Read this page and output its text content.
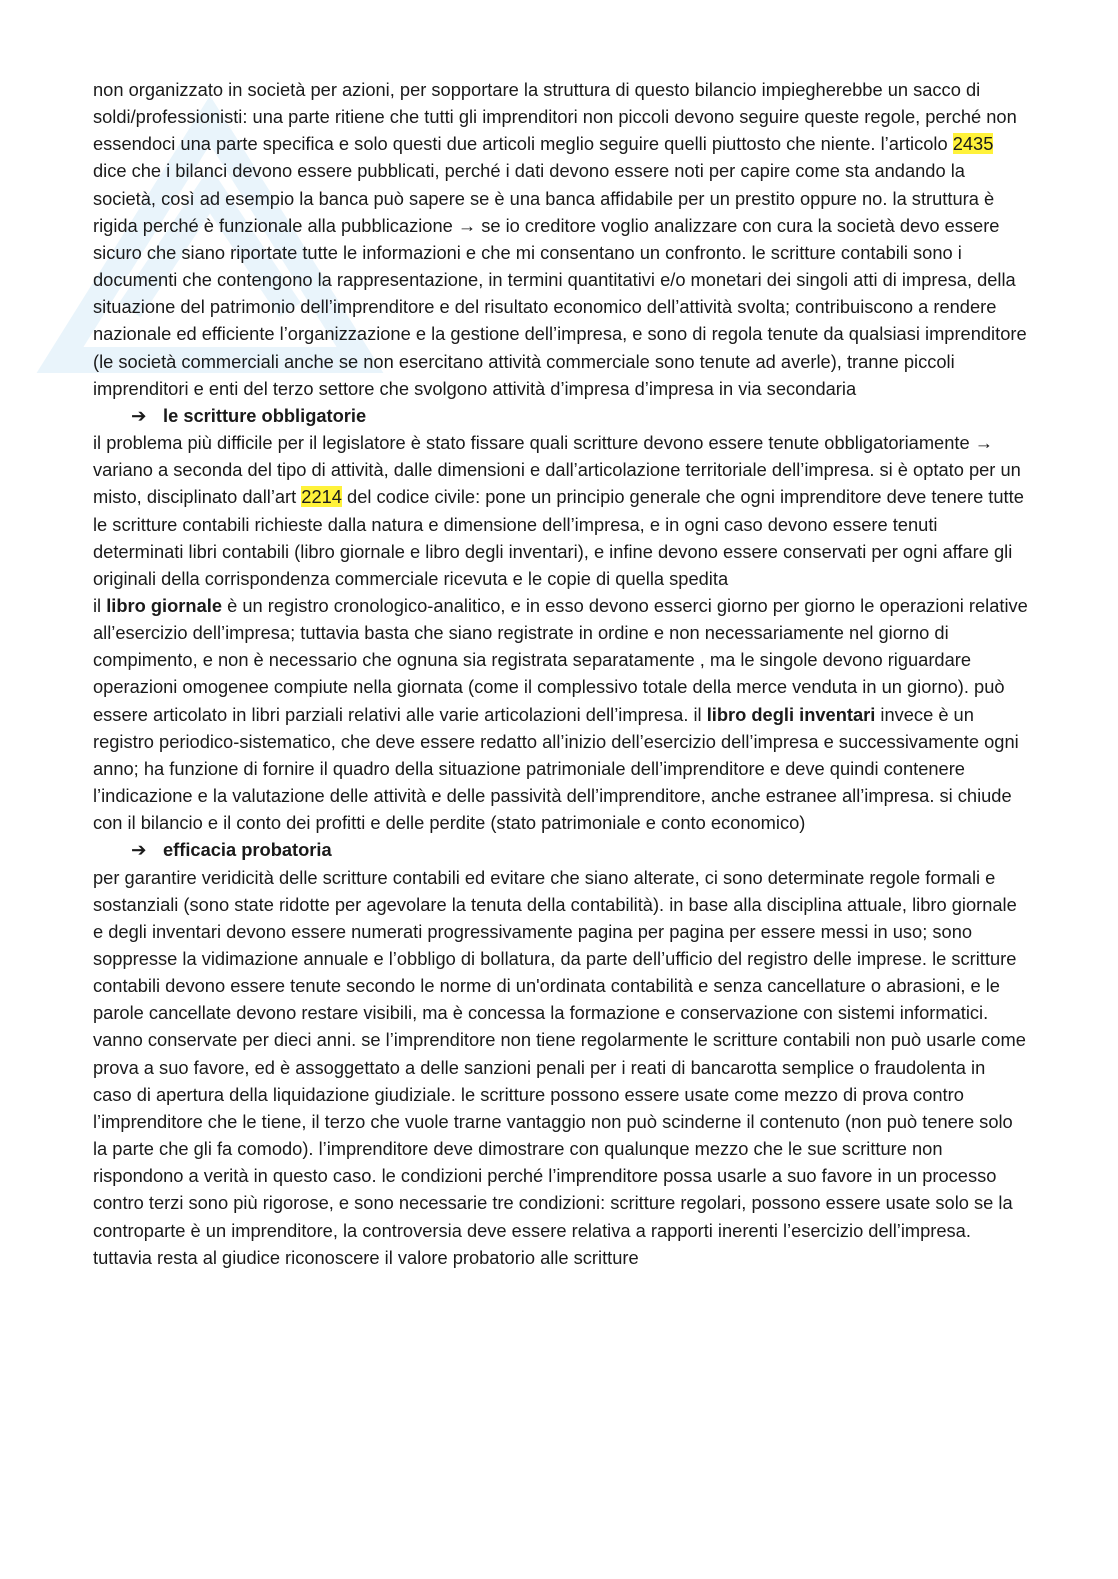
non organizzato in società per azioni, per sopportare la struttura di questo bilancio impiegherebbe un sacco di soldi/professionisti: una parte ritiene che tutti gli imprenditori non piccoli devono seguire queste regole, perché non essendoci una parte specifica e solo questi due articoli meglio seguire quelli piuttosto che niente. l’articolo 2435 dice che i bilanci devono essere pubblicati, perché i dati devono essere noti per capire come sta andando la società, così ad esempio la banca può sapere se è una banca affidabile per un prestito oppure no. la struttura è rigida perché è funzionale alla pubblicazione → se io creditore voglio analizzare con cura la società devo essere sicuro che siano riportate tutte le informazioni e che mi consentano un confronto. le scritture contabili sono i documenti che contengono la rappresentazione, in termini quantitativi e/o monetari dei singoli atti di impresa, della situazione del patrimonio dell’imprenditore e del risultato economico dell’attività svolta; contribuiscono a rendere nazionale ed efficiente l’organizzazione e la gestione dell’impresa, e sono di regola tenute da qualsiasi imprenditore (le società commerciali anche se non esercitano attività commerciale sono tenute ad averle), tranne piccoli imprenditori e enti del terzo settore che svolgono attività d’impresa d’impresa in via secondaria

➔ le scritture obbligatorie

il problema più difficile per il legislatore è stato fissare quali scritture devono essere tenute obbligatoriamente → variano a seconda del tipo di attività, dalle dimensioni e dall’articolazione territoriale dell’impresa. si è optato per un misto, disciplinato dall’art 2214 del codice civile: pone un principio generale che ogni imprenditore deve tenere tutte le scritture contabili richieste dalla natura e dimensione dell’impresa, e in ogni caso devono essere tenuti determinati libri contabili (libro giornale e libro degli inventari), e infine devono essere conservati per ogni affare gli originali della corrispondenza commerciale ricevuta e le copie di quella spedita

il libro giornale è un registro cronologico-analitico, e in esso devono esserci giorno per giorno le operazioni relative all’esercizio dell’impresa; tuttavia basta che siano registrate in ordine e non necessariamente nel giorno di compimento, e non è necessario che ognuna sia registrata separatamente , ma le singole devono riguardare operazioni omogenee compiute nella giornata (come il complessivo totale della merce venduta in un giorno). può essere articolato in libri parziali relativi alle varie articolazioni dell’impresa. il libro degli inventari invece è un registro periodico-sistematico, che deve essere redatto all’inizio dell’esercizio dell’impresa e successivamente ogni anno; ha funzione di fornire il quadro della situazione patrimoniale dell’imprenditore e deve quindi contenere l’indicazione e la valutazione delle attività e delle passività dell’imprenditore, anche estranee all’impresa. si chiude con il bilancio e il conto dei profitti e delle perdite (stato patrimoniale e conto economico)

➔ efficacia probatoria

per garantire veridicità delle scritture contabili ed evitare che siano alterate, ci sono determinate regole formali e sostanziali (sono state ridotte per agevolare la tenuta della contabilità). in base alla disciplina attuale, libro giornale e degli inventari devono essere numerati progressivamente pagina per pagina per essere messi in uso; sono soppresse la vidimazione annuale e l’obbligo di bollatura, da parte dell’ufficio del registro delle imprese. le scritture contabili devono essere tenute secondo le norme di un'ordinata contabilità e senza cancellature o abrasioni, e le parole cancellate devono restare visibili, ma è concessa la formazione e conservazione con sistemi informatici. vanno conservate per dieci anni. se l’imprenditore non tiene regolarmente le scritture contabili non può usarle come prova a suo favore, ed è assoggettato a delle sanzioni penali per i reati di bancarotta semplice o fraudolenta in caso di apertura della liquidazione giudiziale. le scritture possono essere usate come mezzo di prova contro l’imprenditore che le tiene, il terzo che vuole trarne vantaggio non può scinderne il contenuto (non può tenere solo la parte che gli fa comodo). l’imprenditore deve dimostrare con qualunque mezzo che le sue scritture non rispondono a verità in questo caso. le condizioni perché l’imprenditore possa usarle a suo favore in un processo contro terzi sono più rigorose, e sono necessarie tre condizioni: scritture regolari, possono essere usate solo se la controparte è un imprenditore, la controversia deve essere relativa a rapporti inerenti l’esercizio dell’impresa. tuttavia resta al giudice riconoscere il valore probatorio alle scritture
